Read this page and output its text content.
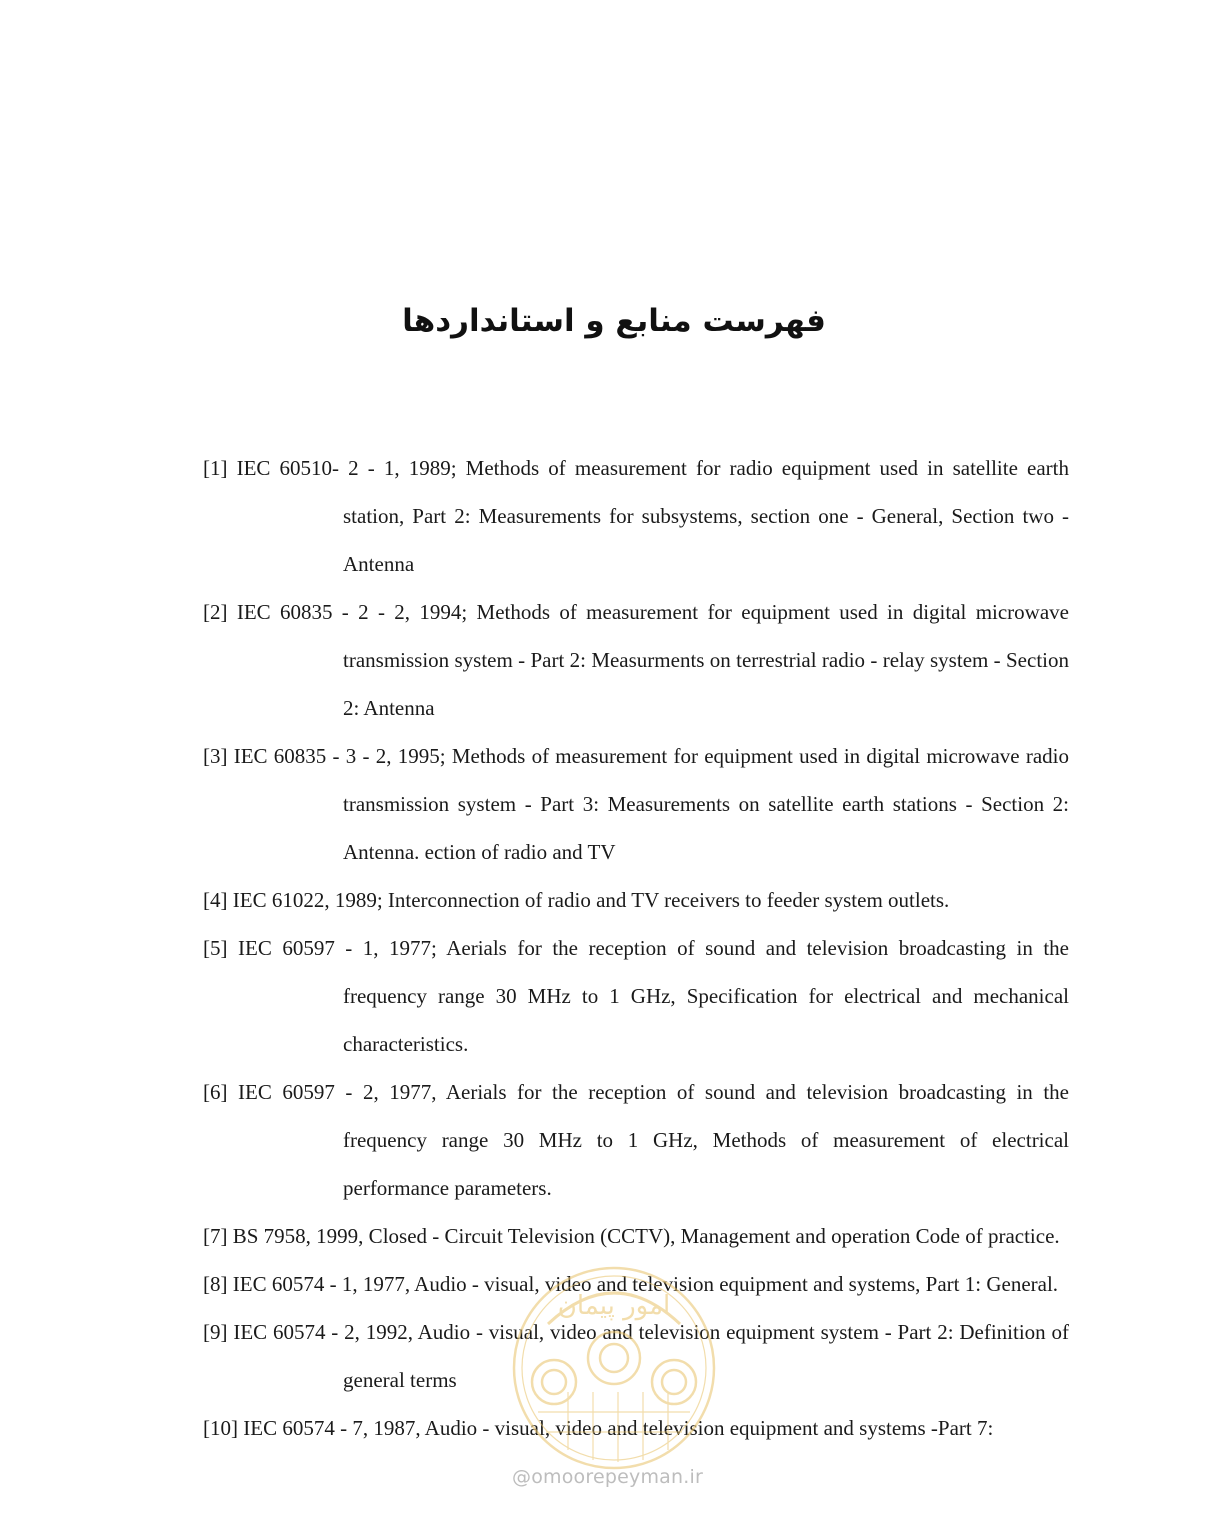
فهرست منابع و استانداردها
[1] IEC 60510- 2 - 1, 1989; Methods of measurement for radio equipment used in satellite earth station, Part 2: Measurements for subsystems, section one - General, Section two - Antenna
[2] IEC 60835 - 2 - 2, 1994; Methods of measurement for equipment used in digital microwave transmission system - Part 2: Measurments on terrestrial radio - relay system - Section 2: Antenna
[3] IEC 60835 - 3 - 2, 1995; Methods of measurement for equipment used in digital microwave radio transmission system - Part 3: Measurements on satellite earth stations - Section 2: Antenna. ection of radio and TV
[4] IEC 61022, 1989; Interconnection of radio and TV receivers to feeder system outlets.
[5] IEC 60597 - 1, 1977; Aerials for the reception of sound and television broadcasting in the frequency range 30 MHz to 1 GHz, Specification for electrical and mechanical characteristics.
[6] IEC 60597 - 2, 1977, Aerials for the reception of sound and television broadcasting in the frequency range 30 MHz to 1 GHz, Methods of measurement of electrical performance parameters.
[7] BS 7958, 1999, Closed - Circuit Television (CCTV), Management and operation Code of practice.
[8] IEC 60574 - 1, 1977, Audio - visual, video and television equipment and systems, Part 1: General.
[9] IEC 60574 - 2, 1992, Audio - visual, video and television equipment system - Part 2: Definition of general terms
[10] IEC 60574 - 7, 1987, Audio - visual, video and television equipment and systems -Part 7:
امور پیمان
@omoorepeyman.ir
